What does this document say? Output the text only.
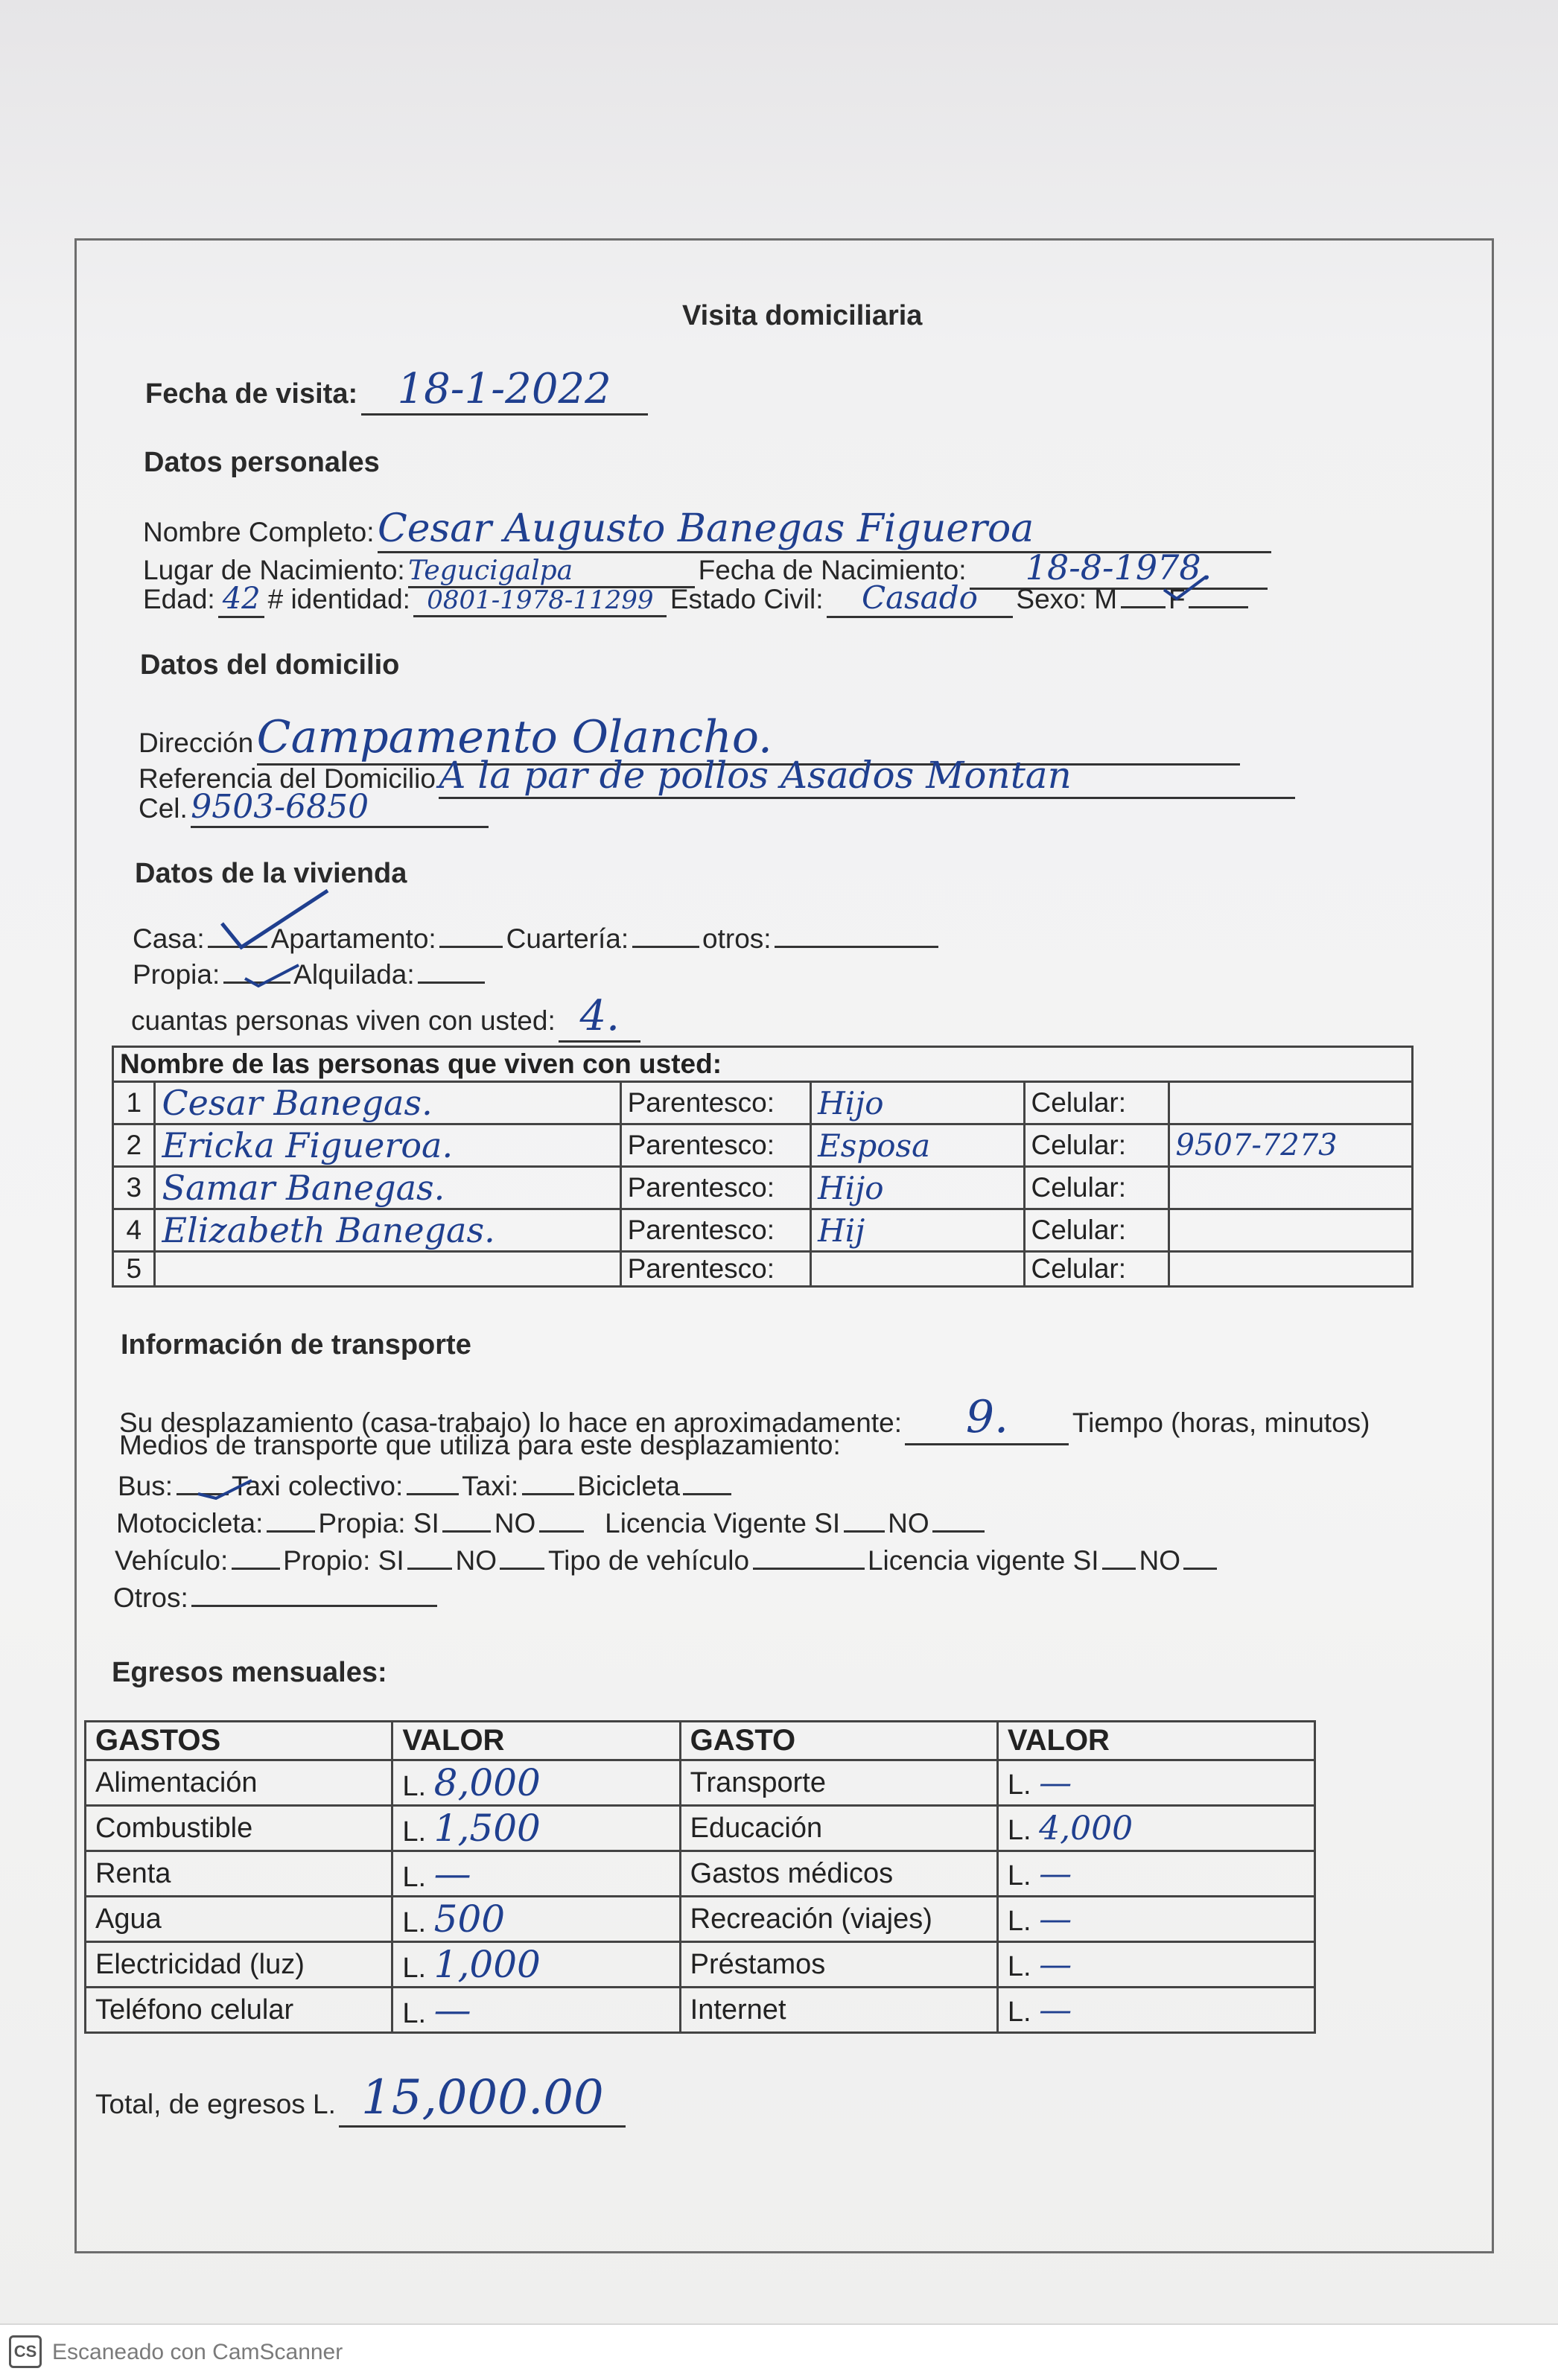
Visita domiciliaria
Fecha de visita: 18-1-2022
Datos personales
Nombre Completo: Cesar Augusto Banegas Figueroa
Lugar de Nacimiento: Tegucigalpa	Fecha de Nacimiento: 18-8-1978.
Edad: 42 # identidad: 0801-1978-11299 Estado Civil: Casado Sexo: M F
Datos del domicilio
Dirección Campamento Olancho.
Referencia del Domicilio A la par de pollos Asados Montan
Cel. 9503-6850
Datos de la vivienda
Casa: Apartamento:	Cuartería:	otros:
Propia:	Alquilada:
cuantas personas viven con usted: 4.
Nombre de las personas que viven con usted:					
1	Cesar Banegas.	Parentesco:	Hijo	Celular:	
2	Ericka Figueroa.	Parentesco:	Esposa	Celular:	9507-7273
3	Samar Banegas.	Parentesco:	Hijo	Celular:	
4	Elizabeth Banegas.	Parentesco:	Hij	Celular:	
5		Parentesco:		Celular:	
Información de transporte
Su desplazamiento (casa-trabajo) lo hace en aproximadamente: 9. Tiempo (horas, minutos)
Medios de transporte que utiliza para este desplazamiento:
Bus: Taxi colectivo: Taxi: Bicicleta
Motocicleta: Propia: SI NO	Licencia Vigente SI NO
Vehículo: Propio: SI NO Tipo de vehículo	Licencia vigente SI NO
Otros:
Egresos mensuales:
GASTOS	VALOR	GASTO	VALOR
Alimentación	L. 8,000	Transporte	L. —
Combustible	L. 1,500	Educación	L. 4,000
Renta	L. —	Gastos médicos	L. —
Agua	L. 500	Recreación (viajes)	L. —
Electricidad (luz)	L. 1,000	Préstamos	L. —
Teléfono celular	L. —	Internet	L. —
Total, de egresos L. 15,000.00
CS Escaneado con CamScanner
